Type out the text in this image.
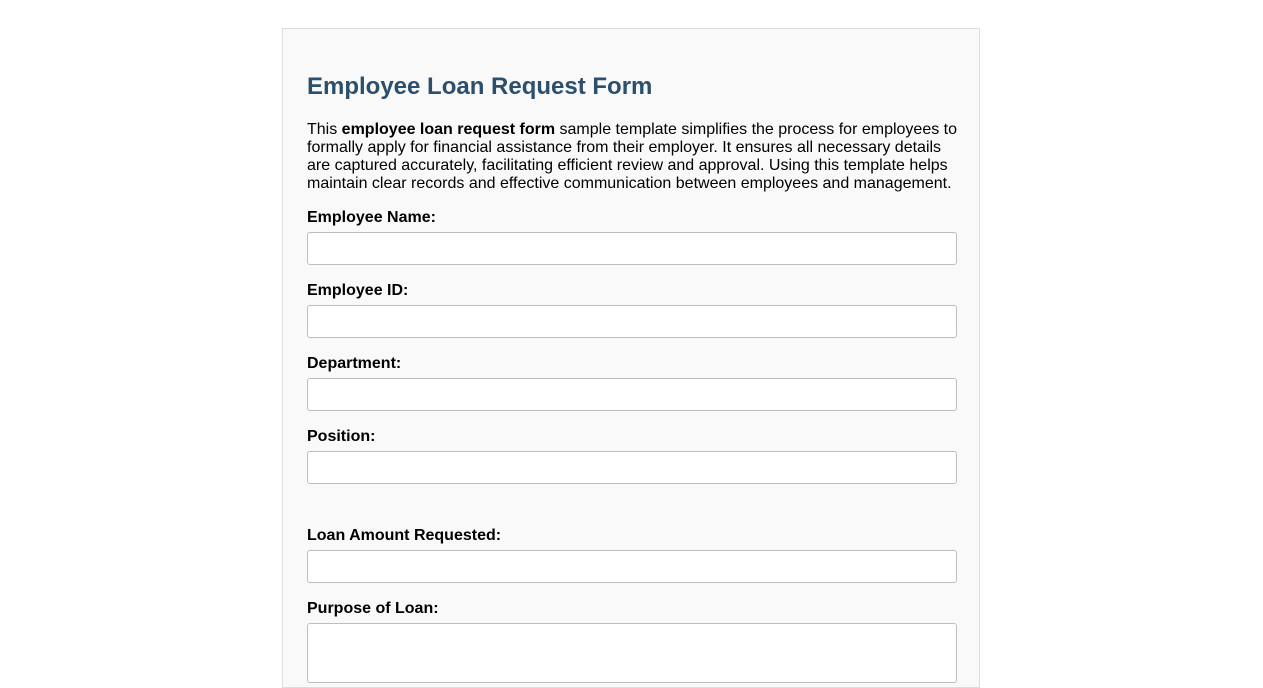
Employee Loan Request Form

This employee loan request form sample template simplifies the process for employees to formally apply for financial assistance from their employer. It ensures all necessary details are captured accurately, facilitating efficient review and approval. Using this template helps maintain clear records and effective communication between employees and management.

Employee Name:
Employee ID:
Department:
Position:
Loan Amount Requested:
Purpose of Loan:
